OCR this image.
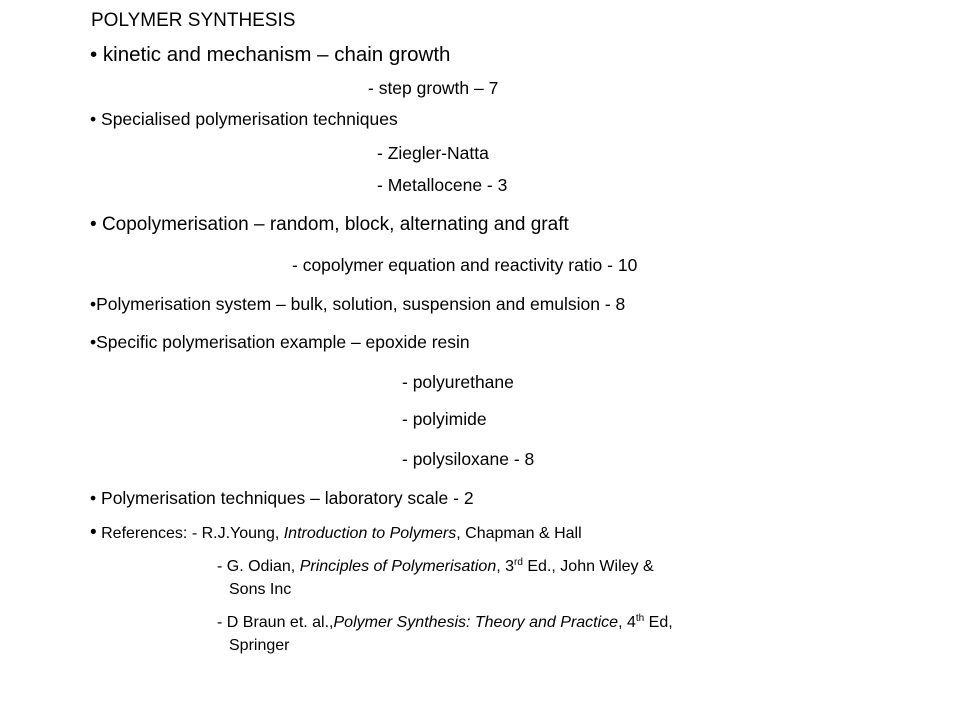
POLYMER SYNTHESIS
• kinetic and mechanism – chain growth
- step growth – 7
• Specialised polymerisation techniques
- Ziegler-Natta
- Metallocene - 3
• Copolymerisation – random, block, alternating and graft
- copolymer equation and reactivity ratio - 10
•Polymerisation system – bulk, solution, suspension and emulsion - 8
•Specific polymerisation example – epoxide resin
- polyurethane
- polyimide
- polysiloxane - 8
• Polymerisation techniques – laboratory scale - 2
• References: - R.J.Young, Introduction to Polymers, Chapman & Hall
- G. Odian, Principles of Polymerisation, 3rd Ed., John Wiley &
Sons Inc
- D Braun et. al.,Polymer Synthesis: Theory and Practice, 4th Ed,
Springer
